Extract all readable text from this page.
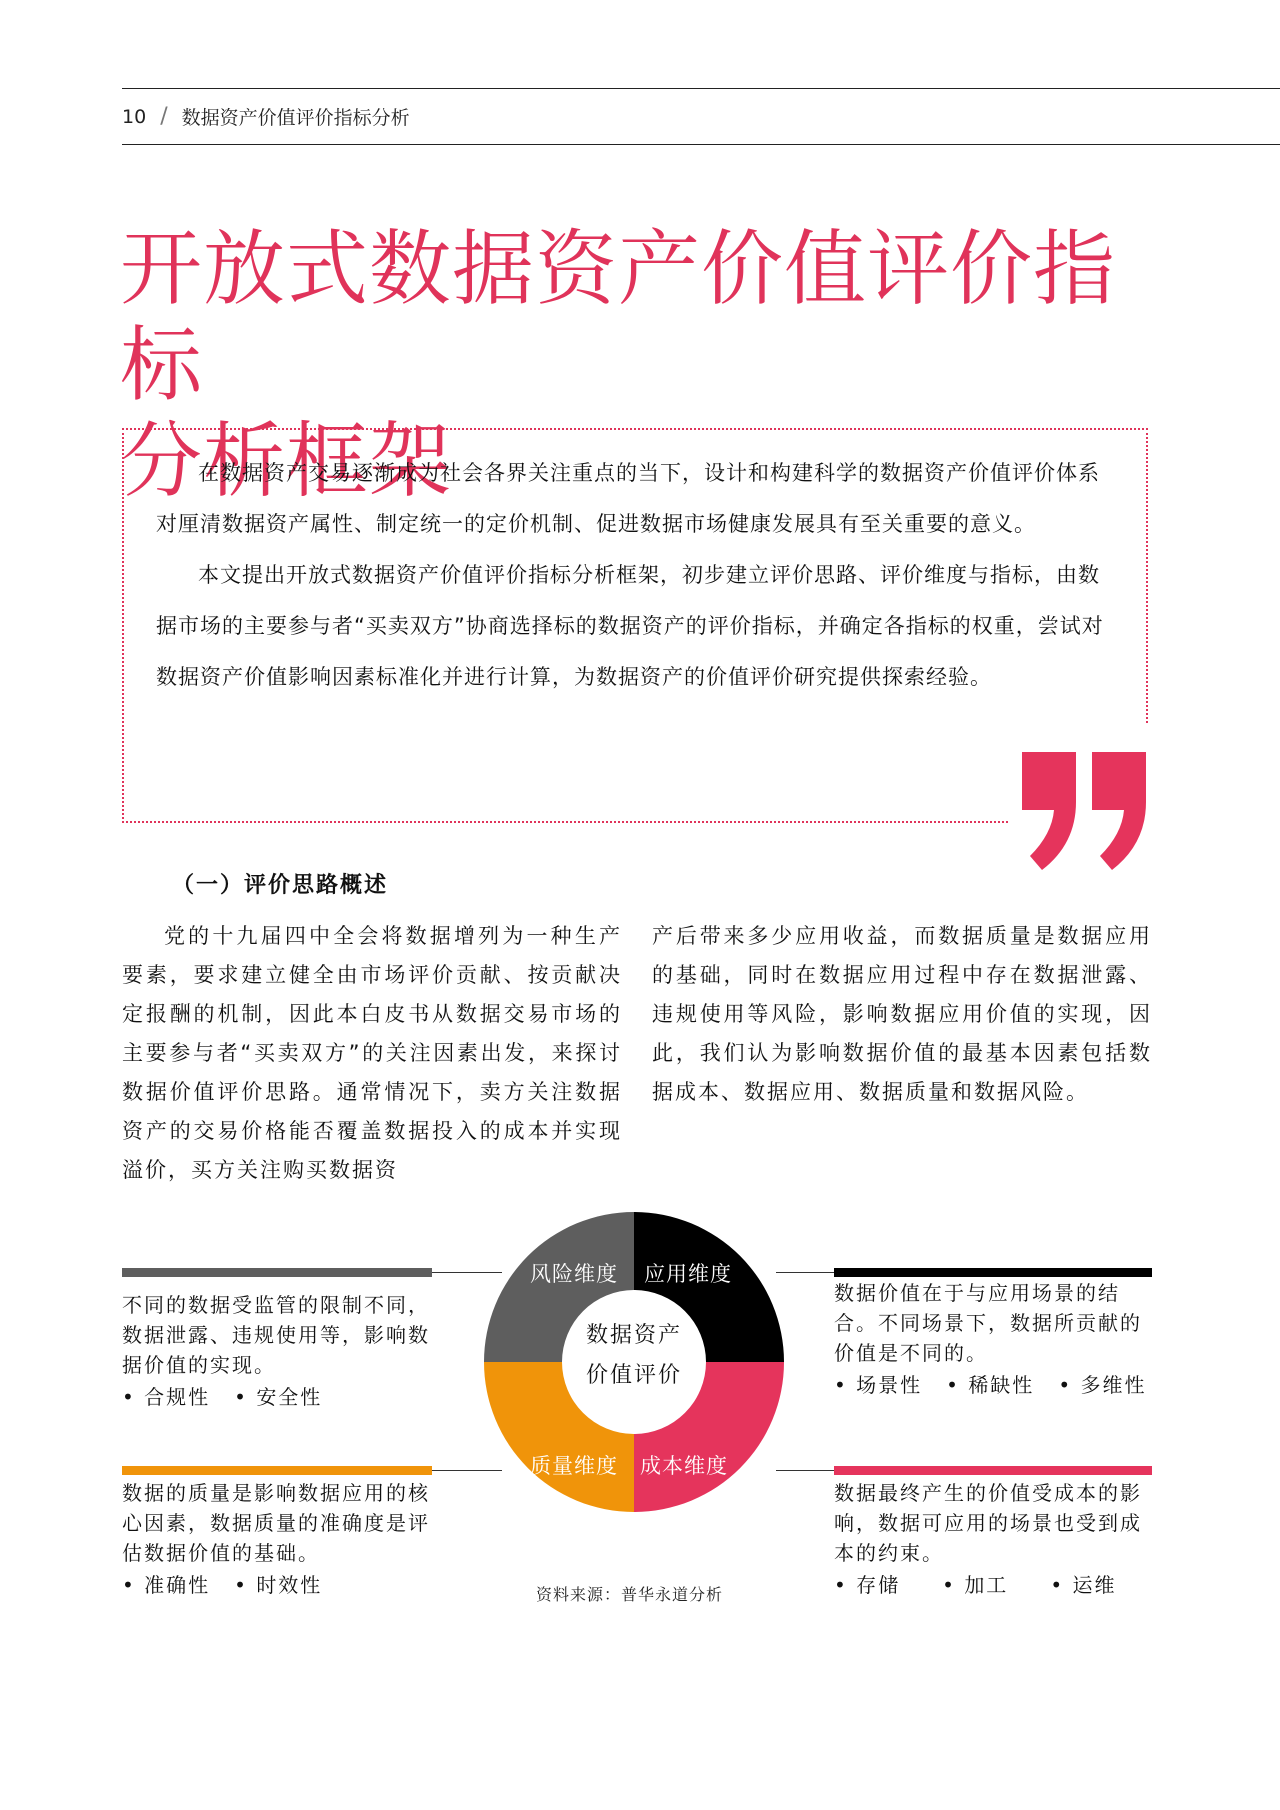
10 / 数据资产价值评价指标分析
开放式数据资产价值评价指标
分析框架

在数据资产交易逐渐成为社会各界关注重点的当下，设计和构建科学的数据资产价值评价体系对厘清数据资产属性、制定统一的定价机制、促进数据市场健康发展具有至关重要的意义。

本文提出开放式数据资产价值评价指标分析框架，初步建立评价思路、评价维度与指标，由数据市场的主要参与者“买卖双方”协商选择标的数据资产的评价指标，并确定各指标的权重，尝试对数据资产价值影响因素标准化并进行计算，为数据资产的价值评价研究提供探索经验。

（一）评价思路概述

党的十九届四中全会将数据增列为一种生产要素，要求建立健全由市场评价贡献、按贡献决定报酬的机制，因此本白皮书从数据交易市场的主要参与者“买卖双方”的关注因素出发，来探讨数据价值评价思路。通常情况下，卖方关注数据资产的交易价格能否覆盖数据投入的成本并实现溢价，买方关注购买数据资

产后带来多少应用收益，而数据质量是数据应用的基础，同时在数据应用过程中存在数据泄露、违规使用等风险，影响数据应用价值的实现，因此，我们认为影响数据价值的最基本因素包括数据成本、数据应用、数据质量和数据风险。

不同的数据受监管的限制不同，数据泄露、违规使用等，影响数据价值的实现。
• 合规性	• 安全性
数据价值在于与应用场景的结合。不同场景下，数据所贡献的价值是不同的。
• 场景性	• 稀缺性	• 多维性
数据的质量是影响数据应用的核心因素，数据质量的准确度是评估数据价值的基础。
• 准确性	• 时效性
数据最终产生的价值受成本的影响，数据可应用的场景也受到成本的约束。
• 存储	• 加工	• 运维
风险维度 应用维度
质量维度 成本维度
数据资产
价值评价
资料来源：普华永道分析
